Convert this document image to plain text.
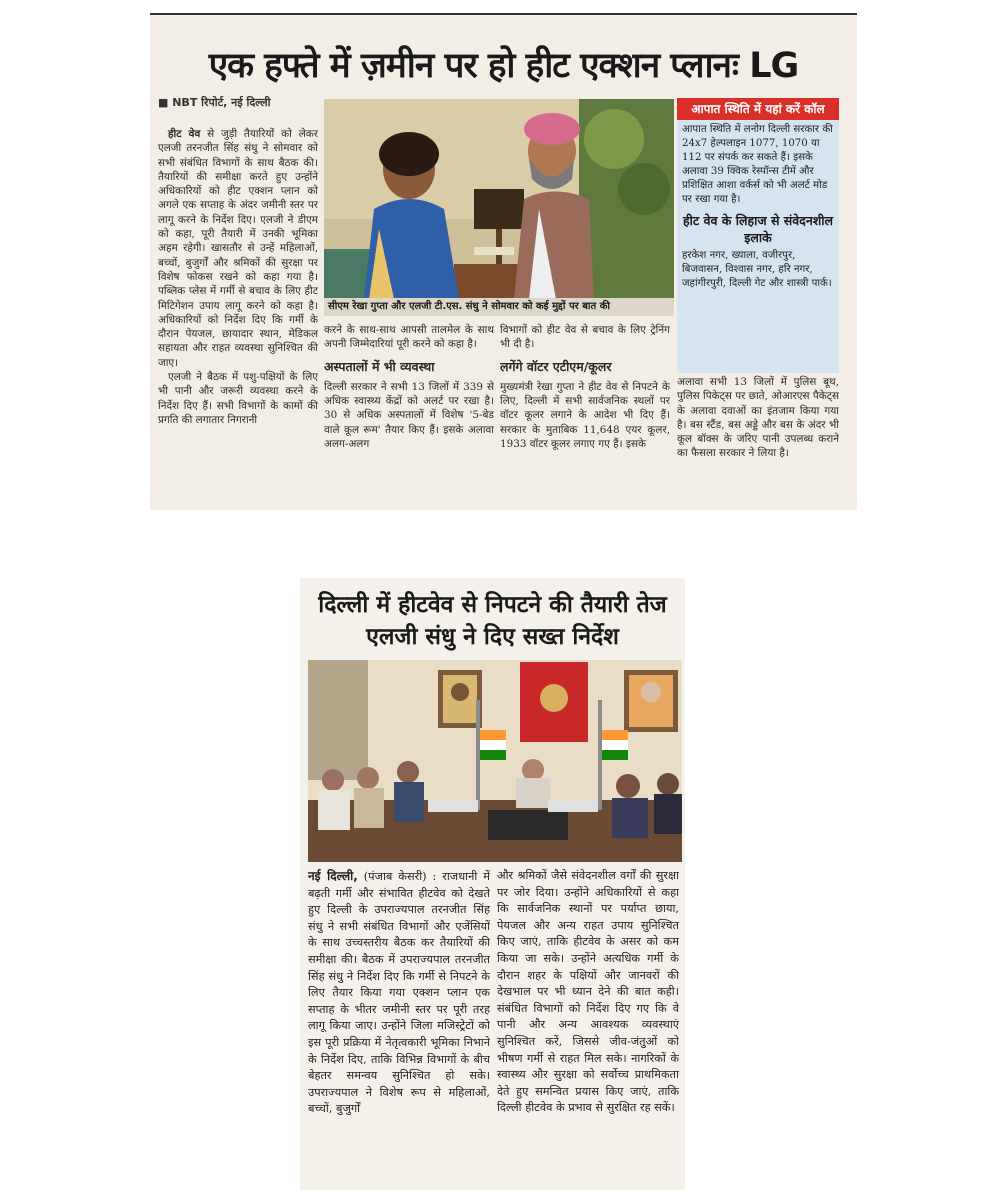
एक हफ्ते में ज़मीन पर हो हीट एक्शन प्लानः LG
■ NBT रिपोर्ट, नई दिल्ली

हीट वेव से जुड़ी तैयारियों को लेकर एलजी तरनजीत सिंह संधु ने सोमवार को सभी संबंधित विभागों के साथ बैठक की। तैयारियों की समीक्षा करते हुए उन्होंने अधिकारियों को हीट एक्शन प्लान को अगले एक सप्ताह के अंदर जमीनी स्तर पर लागू करने के निर्देश दिए। एलजी ने डीएम को कहा, पूरी तैयारी में उनकी भूमिका अहम रहेगी। खासतौर से उन्हें महिलाओं, बच्चों, बुजुर्गों और श्रमिकों की सुरक्षा पर विशेष फोकस रखने को कहा गया है। पब्लिक प्लेस में गर्मी से बचाव के लिए हीट मिटिगेशन उपाय लागू करने को कहा है। अधिकारियों को निर्देश दिए कि गर्मी के दौरान पेयजल, छायादार स्थान, मेडिकल सहायता और राहत व्यवस्था सुनिश्चित की जाए।

एलजी ने बैठक में पशु-पक्षियों के लिए भी पानी और जरूरी व्यवस्था करने के निर्देश दिए हैं। सभी विभागों के कामों की प्रगति की लगातार निगरानी

सीएम रेखा गुप्ता और एलजी टी.एस. संधु ने सोमवार को कई मुद्दों पर बात की

करने के साथ-साथ आपसी तालमेल के साथ अपनी जिम्मेदारियां पूरी करने को कहा है।

अस्पतालों में भी व्यवस्था

दिल्ली सरकार ने सभी 13 जिलों में 339 से अधिक स्वास्थ्य केंद्रों को अलर्ट पर रखा है। 30 से अधिक अस्पतालों में विशेष '5-बेड वाले कूल रूम' तैयार किए हैं। इसके अलावा अलग-अलग

विभागों को हीट वेव से बचाव के लिए ट्रेनिंग भी दी है।

लगेंगे वॉटर एटीएम/कूलर

मुख्यमंत्री रेखा गुप्ता ने हीट वेव से निपटने के लिए, दिल्ली में सभी सार्वजनिक स्थलों पर वॉटर कूलर लगाने के आदेश भी दिए हैं। सरकार के मुताबिक 11,648 एयर कूलर, 1933 वॉटर कूलर लगाए गए हैं। इसके

आपात स्थिति में यहां करें कॉल
आपात स्थिति में लनोग दिल्ली सरकार की 24x7 हेल्पलाइन 1077, 1070 या 112 पर संपर्क कर सकते हैं। इसके अलावा 39 क्विक रेस्पॉन्स टीमें और प्रशिक्षित आशा वर्कर्स को भी अलर्ट मोड पर रखा गया है।
हीट वेव के लिहाज से संवेदनशील इलाके
हरकेश नगर, ख्याला, वजीरपुर, बिजवासन, विश्वास नगर, हरि नगर, जहांगीरपुरी, दिल्ली गेट और शास्त्री पार्क।

अलावा सभी 13 जिलों में पुलिस बूथ, पुलिस पिकेट्स पर छाते, ओआरएस पैकेट्स के अलावा दवाओं का इंतजाम किया गया है। बस स्टैंड, बस अड्डे और बस के अंदर भी कूल बॉक्स के जरिए पानी उपलब्ध कराने का फैसला सरकार ने लिया है।

दिल्ली में हीटवेव से निपटने की तैयारी तेज
एलजी संधु ने दिए सख्त निर्देश
नई दिल्ली, (पंजाब केसरी) : राजधानी में बढ़ती गर्मी और संभावित हीटवेव को देखते हुए दिल्ली के उपराज्यपाल तरनजीत सिंह संधु ने सभी संबंधित विभागों और एजेंसियों के साथ उच्चस्तरीय बैठक कर तैयारियों की समीक्षा की। बैठक में उपराज्यपाल तरनजीत सिंह संधु ने निर्देश दिए कि गर्मी से निपटने के लिए तैयार किया गया एक्शन प्लान एक सप्ताह के भीतर जमीनी स्तर पर पूरी तरह लागू किया जाए। उन्होंने जिला मजिस्ट्रेटों को इस पूरी प्रक्रिया में नेतृत्वकारी भूमिका निभाने के निर्देश दिए, ताकि विभिन्न विभागों के बीच बेहतर समन्वय सुनिश्चित हो सके। उपराज्यपाल ने विशेष रूप से महिलाओं, बच्चों, बुजुर्गों
और श्रमिकों जैसे संवेदनशील वर्गों की सुरक्षा पर जोर दिया। उन्होंने अधिकारियों से कहा कि सार्वजनिक स्थानों पर पर्याप्त छाया, पेयजल और अन्य राहत उपाय सुनिश्चित किए जाएं, ताकि हीटवेव के असर को कम किया जा सके। उन्होंने अत्यधिक गर्मी के दौरान शहर के पक्षियों और जानवरों की देखभाल पर भी ध्यान देने की बात कही। संबंधित विभागों को निर्देश दिए गए कि वे पानी और अन्य आवश्यक व्यवस्थाएं सुनिश्चित करें, जिससे जीव-जंतुओं को भीषण गर्मी से राहत मिल सके। नागरिकों के स्वास्थ्य और सुरक्षा को सर्वोच्च प्राथमिकता देते हुए समन्वित प्रयास किए जाएं, ताकि दिल्ली हीटवेव के प्रभाव से सुरक्षित रह सकें।
